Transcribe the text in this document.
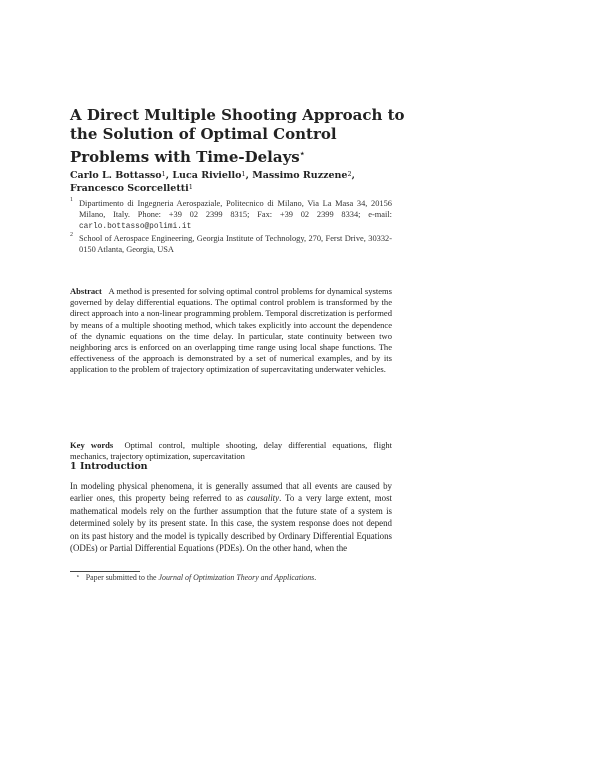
A Direct Multiple Shooting Approach to the Solution of Optimal Control Problems with Time-Delays⋆
Carlo L. Bottasso$^1$, Luca Riviello$^1$, Massimo Ruzzene$^2$, Francesco Scorcelletti$^1$
1 Dipartimento di Ingegneria Aerospaziale, Politecnico di Milano, Via La Masa 34, 20156 Milano, Italy. Phone: +39 02 2399 8315; Fax: +39 02 2399 8334; e-mail: carlo.bottasso@polimi.it
2 School of Aerospace Engineering, Georgia Institute of Technology, 270, Ferst Drive, 30332-0150 Atlanta, Georgia, USA
Abstract A method is presented for solving optimal control problems for dynamical systems governed by delay differential equations. The optimal control problem is transformed by the direct approach into a non-linear programming problem. Temporal discretization is performed by means of a multiple shooting method, which takes explicitly into account the dependence of the dynamic equations on the time delay. In particular, state continuity between two neighboring arcs is enforced on an overlapping time range using local shape functions. The effectiveness of the approach is demonstrated by a set of numerical examples, and by its application to the problem of trajectory optimization of supercavitating underwater vehicles.
Key words Optimal control, multiple shooting, delay differential equations, flight mechanics, trajectory optimization, supercavitation
1 Introduction
In modeling physical phenomena, it is generally assumed that all events are caused by earlier ones, this property being referred to as causality. To a very large extent, most mathematical models rely on the further assumption that the future state of a system is determined solely by its present state. In this case, the system response does not depend on its past history and the model is typically described by Ordinary Differential Equations (ODEs) or Partial Differential Equations (PDEs). On the other hand, when the
⋆ Paper submitted to the Journal of Optimization Theory and Applications.
